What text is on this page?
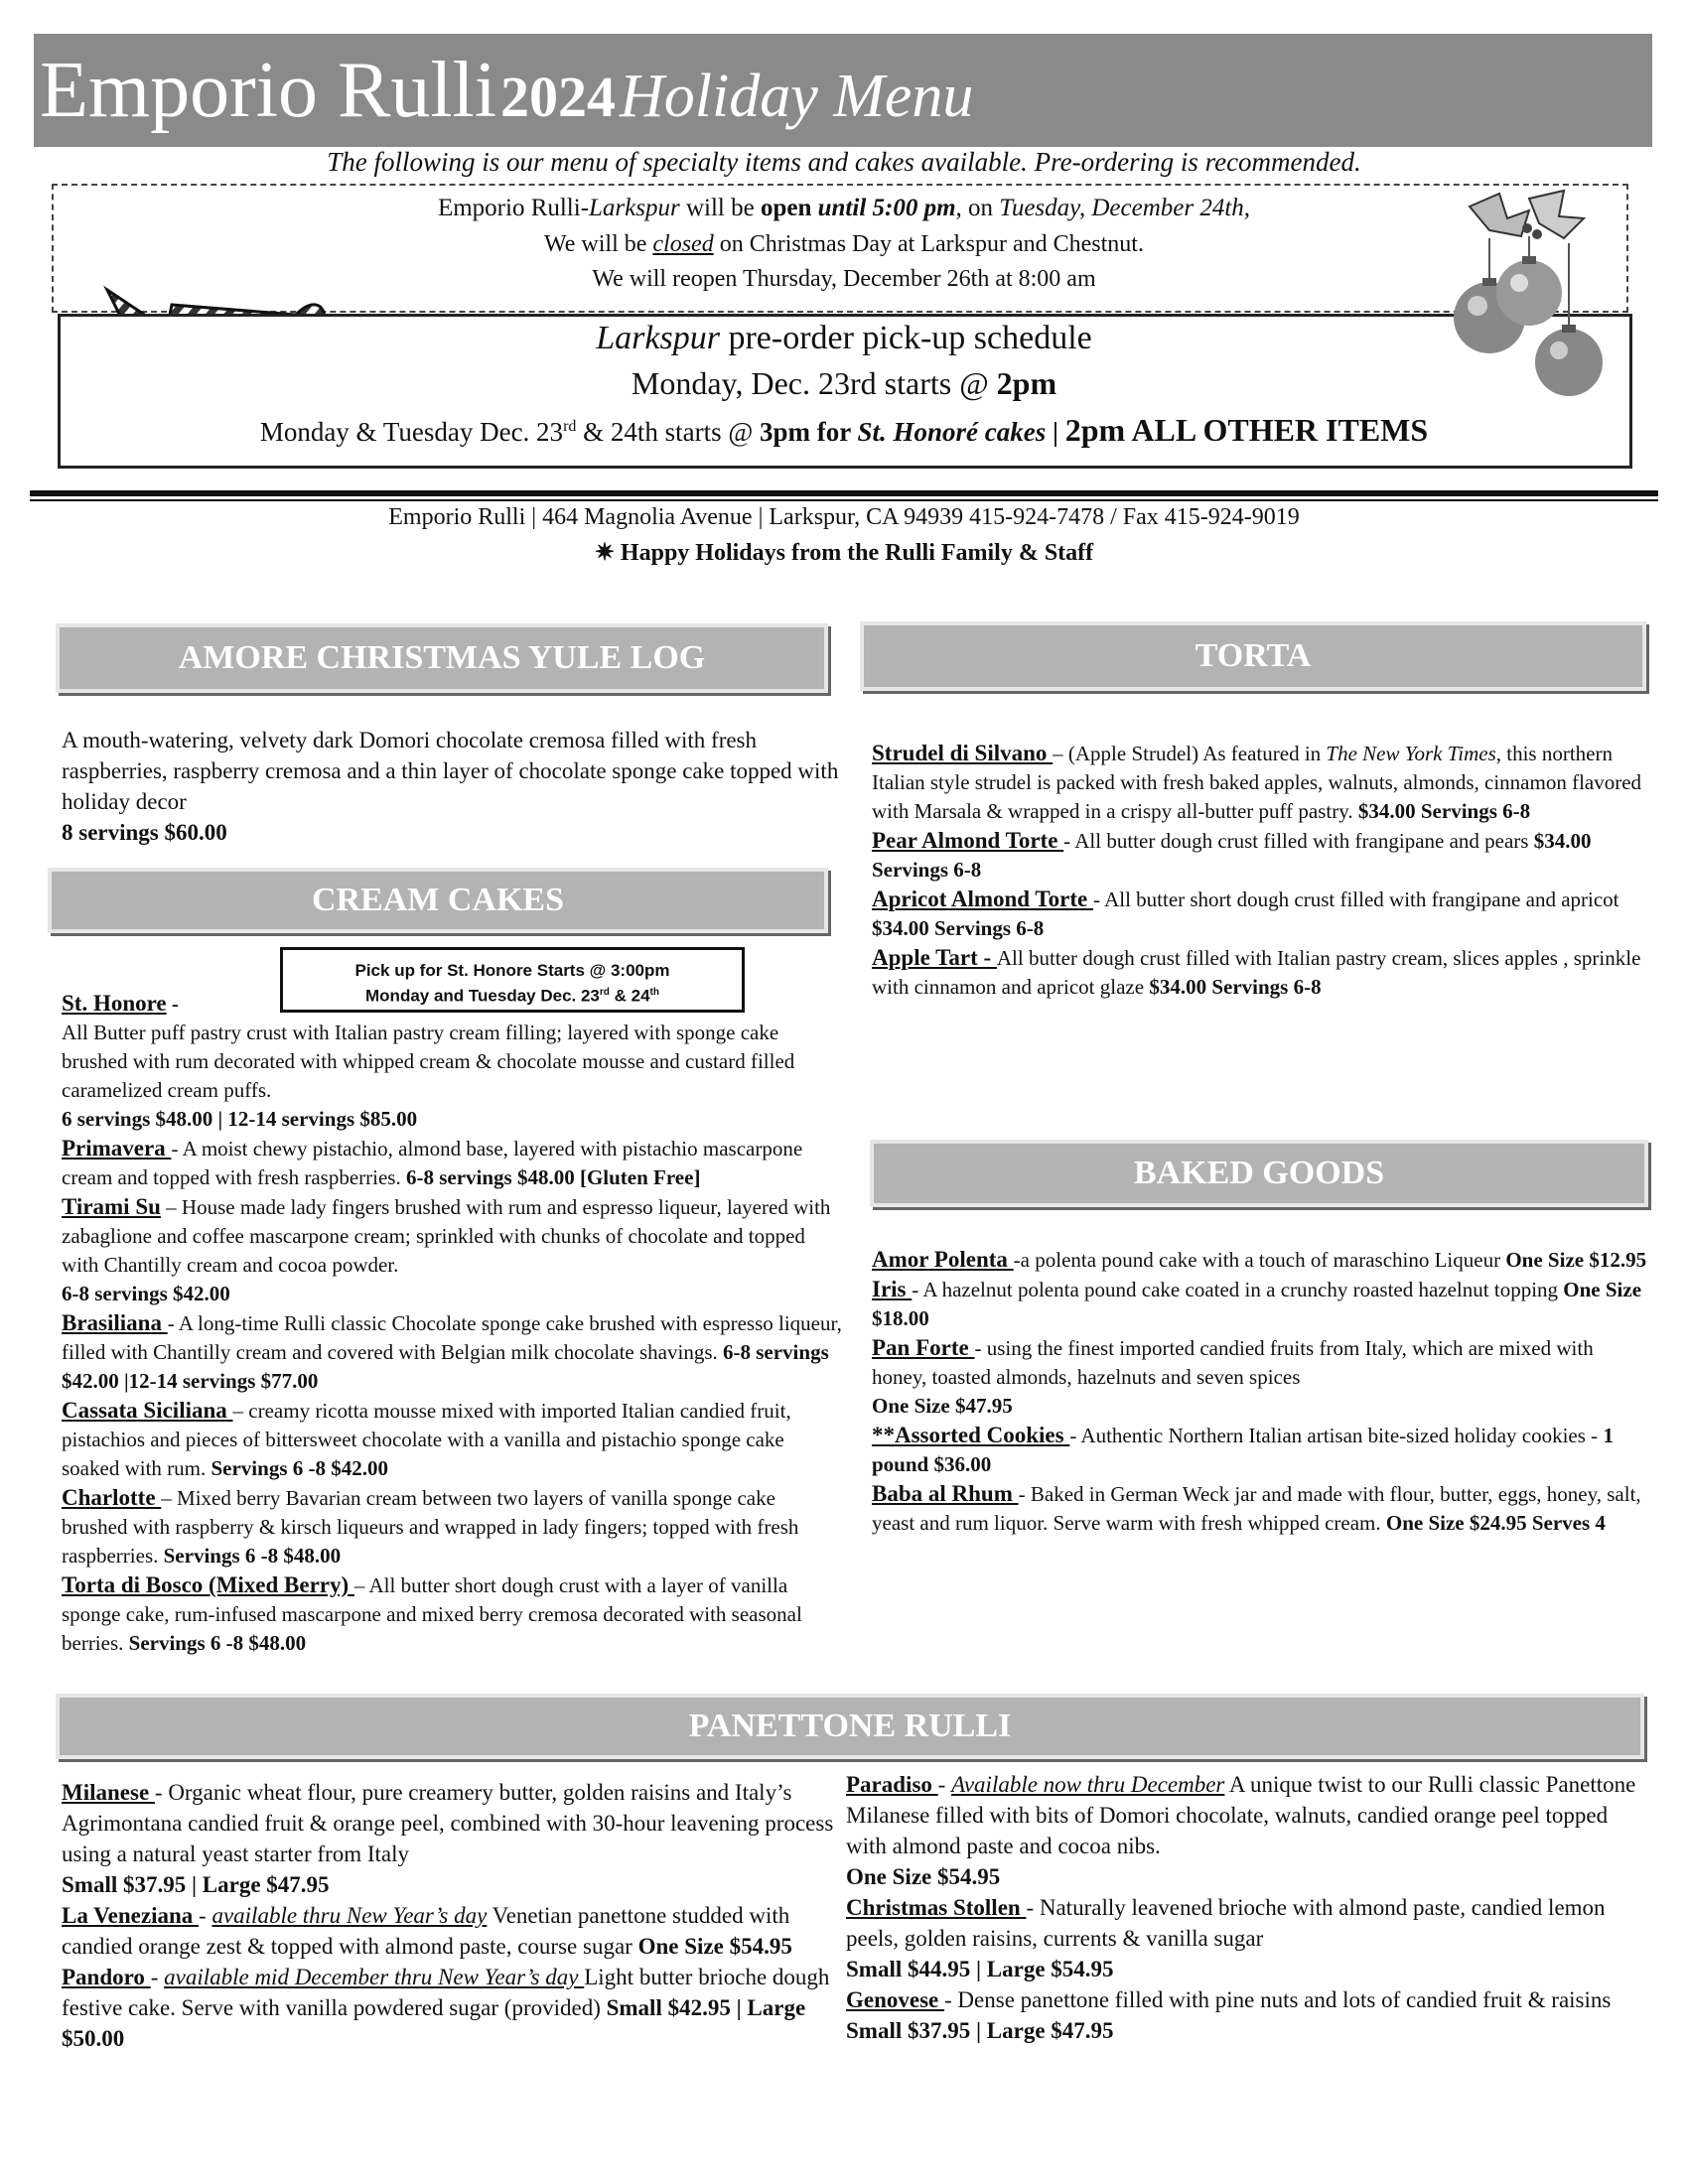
Emporio Rulli 2024 Holiday Menu
The following is our menu of specialty items and cakes available. Pre-ordering is recommended.
Emporio Rulli-Larkspur will be open until 5:00 pm, on Tuesday, December 24th,
We will be closed on Christmas Day at Larkspur and Chestnut.
We will reopen Thursday, December 26th at 8:00 am
Larkspur pre-order pick-up schedule
Monday, Dec. 23rd starts @ 2pm
Monday & Tuesday Dec. 23rd & 24th starts @ 3pm for St. Honoré cakes | 2pm ALL OTHER ITEMS
Emporio Rulli | 464 Magnolia Avenue | Larkspur, CA 94939 415-924-7478 / Fax 415-924-9019
✷ Happy Holidays from the Rulli Family & Staff
AMORE CHRISTMAS YULE LOG
A mouth-watering, velvety dark Domori chocolate cremosa filled with fresh raspberries, raspberry cremosa and a thin layer of chocolate sponge cake topped with holiday decor
8 servings $60.00
CREAM CAKES
Pick up for St. Honore Starts @ 3:00pm
Monday and Tuesday Dec. 23rd & 24th

St. Honore -
All Butter puff pastry crust with Italian pastry cream filling; layered with sponge cake brushed with rum decorated with whipped cream & chocolate mousse and custard filled caramelized cream puffs.
6 servings $48.00 | 12-14 servings $85.00

Primavera - A moist chewy pistachio, almond base, layered with pistachio mascarpone cream and topped with fresh raspberries. 6-8 servings $48.00 [Gluten Free]

Tirami Su – House made lady fingers brushed with rum and espresso liqueur, layered with zabaglione and coffee mascarpone cream; sprinkled with chunks of chocolate and topped with Chantilly cream and cocoa powder.
6-8 servings $42.00

Brasiliana - A long-time Rulli classic Chocolate sponge cake brushed with espresso liqueur, filled with Chantilly cream and covered with Belgian milk chocolate shavings. 6-8 servings $42.00 |12-14 servings $77.00

Cassata Siciliana – creamy ricotta mousse mixed with imported Italian candied fruit, pistachios and pieces of bittersweet chocolate with a vanilla and pistachio sponge cake soaked with rum. Servings 6 -8 $42.00

Charlotte – Mixed berry Bavarian cream between two layers of vanilla sponge cake brushed with raspberry & kirsch liqueurs and wrapped in lady fingers; topped with fresh raspberries. Servings 6 -8 $48.00

Torta di Bosco (Mixed Berry) – All butter short dough crust with a layer of vanilla sponge cake, rum-infused mascarpone and mixed berry cremosa decorated with seasonal berries. Servings 6 -8 $48.00

TORTA

Strudel di Silvano – (Apple Strudel) As featured in The New York Times, this northern Italian style strudel is packed with fresh baked apples, walnuts, almonds, cinnamon flavored with Marsala & wrapped in a crispy all-butter puff pastry. $34.00 Servings 6-8

Pear Almond Torte - All butter dough crust filled with frangipane and pears $34.00 Servings 6-8

Apricot Almond Torte - All butter short dough crust filled with frangipane and apricot $34.00 Servings 6-8

Apple Tart - All butter dough crust filled with Italian pastry cream, slices apples , sprinkle with cinnamon and apricot glaze $34.00 Servings 6-8

BAKED GOODS

Amor Polenta -a polenta pound cake with a touch of maraschino Liqueur One Size $12.95

Iris - A hazelnut polenta pound cake coated in a crunchy roasted hazelnut topping One Size $18.00

Pan Forte - using the finest imported candied fruits from Italy, which are mixed with honey, toasted almonds, hazelnuts and seven spices
One Size $47.95

**Assorted Cookies - Authentic Northern Italian artisan bite-sized holiday cookies - 1 pound $36.00

Baba al Rhum - Baked in German Weck jar and made with flour, butter, eggs, honey, salt, yeast and rum liquor. Serve warm with fresh whipped cream. One Size $24.95 Serves 4

PANETTONE RULLI

Milanese - Organic wheat flour, pure creamery butter, golden raisins and Italy’s Agrimontana candied fruit & orange peel, combined with 30-hour leavening process using a natural yeast starter from Italy
Small $37.95 | Large $47.95

La Veneziana - available thru New Year’s day Venetian panettone studded with candied orange zest & topped with almond paste, course sugar One Size $54.95

Pandoro - available mid December thru New Year’s day Light butter brioche dough festive cake. Serve with vanilla powdered sugar (provided) Small $42.95 | Large $50.00

Paradiso - Available now thru December A unique twist to our Rulli classic Panettone Milanese filled with bits of Domori chocolate, walnuts, candied orange peel topped with almond paste and cocoa nibs.
One Size $54.95

Christmas Stollen - Naturally leavened brioche with almond paste, candied lemon peels, golden raisins, currents & vanilla sugar
Small $44.95 | Large $54.95

Genovese - Dense panettone filled with pine nuts and lots of candied fruit & raisins
Small $37.95 | Large $47.95
